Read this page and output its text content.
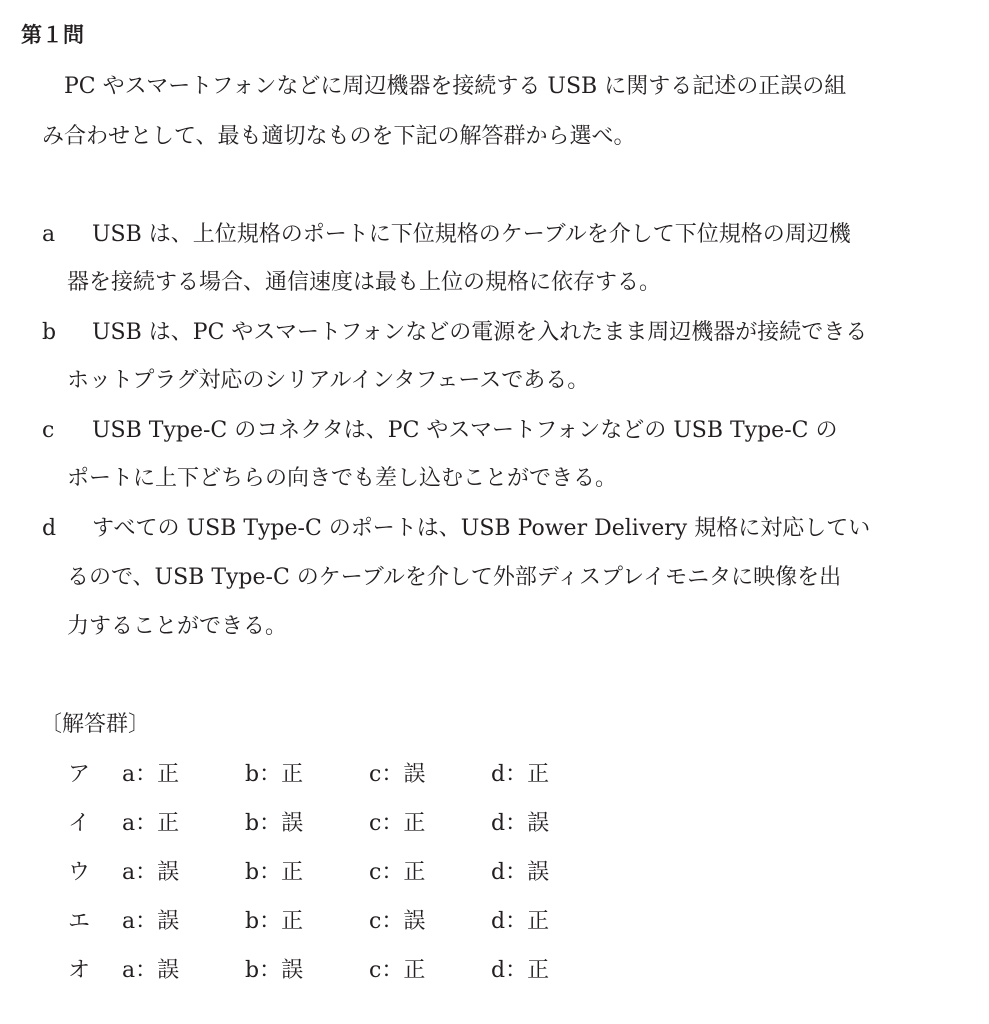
第１問
PC やスマートフォンなどに周辺機器を接続する USB に関する記述の正誤の組
み合わせとして、最も適切なものを下記の解答群から選べ。
a USB は、上位規格のポートに下位規格のケーブルを介して下位規格の周辺機
器を接続する場合、通信速度は最も上位の規格に依存する。
b USB は、PC やスマートフォンなどの電源を入れたまま周辺機器が接続できる
ホットプラグ対応のシリアルインタフェースである。
c USB Type-C のコネクタは、PC やスマートフォンなどの USB Type-C の
ポートに上下どちらの向きでも差し込むことができる。
d すべての USB Type-C のポートは、USB Power Delivery 規格に対応してい
るので、USB Type-C のケーブルを介して外部ディスプレイモニタに映像を出
力することができる。
〔解答群〕
ア a：正	b：正	c：誤	d：正
イ a：正	b：誤	c：正	d：誤
ウ a：誤	b：正	c：正	d：誤
エ a：誤	b：正	c：誤	d：正
オ a：誤	b：誤	c：正	d：正
